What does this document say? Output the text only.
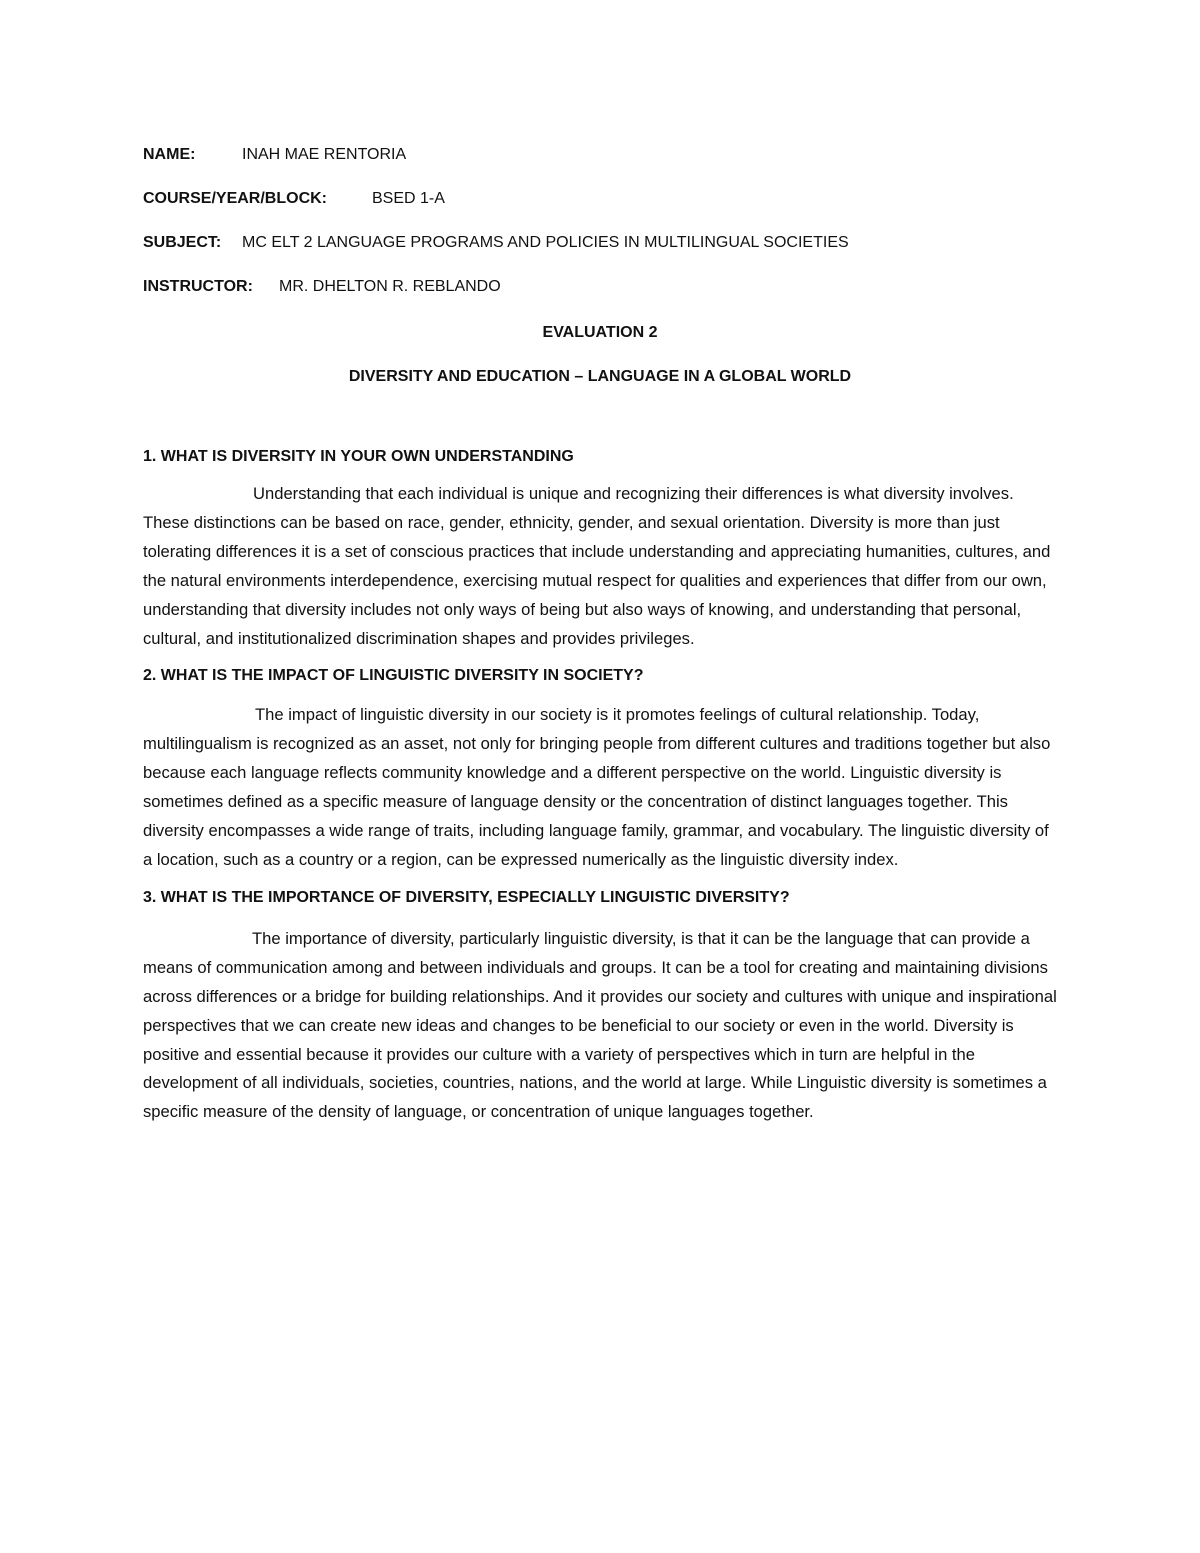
NAME:	INAH MAE RENTORIA
COURSE/YEAR/BLOCK:	BSED 1-A
SUBJECT: MC ELT 2 LANGUAGE PROGRAMS AND POLICIES IN MULTILINGUAL SOCIETIES
INSTRUCTOR: MR. DHELTON R. REBLANDO
EVALUATION 2
DIVERSITY AND EDUCATION – LANGUAGE IN A GLOBAL WORLD
1. WHAT IS DIVERSITY IN YOUR OWN UNDERSTANDING
Understanding that each individual is unique and recognizing their differences is what diversity involves. These distinctions can be based on race, gender, ethnicity, gender, and sexual orientation. Diversity is more than just tolerating differences it is a set of conscious practices that include understanding and appreciating humanities, cultures, and the natural environments interdependence, exercising mutual respect for qualities and experiences that differ from our own, understanding that diversity includes not only ways of being but also ways of knowing, and understanding that personal, cultural, and institutionalized discrimination shapes and provides privileges.
2. WHAT IS THE IMPACT OF LINGUISTIC DIVERSITY IN SOCIETY?
The impact of linguistic diversity in our society is it promotes feelings of cultural relationship. Today, multilingualism is recognized as an asset, not only for bringing people from different cultures and traditions together but also because each language reflects community knowledge and a different perspective on the world. Linguistic diversity is sometimes defined as a specific measure of language density or the concentration of distinct languages together. This diversity encompasses a wide range of traits, including language family, grammar, and vocabulary. The linguistic diversity of a location, such as a country or a region, can be expressed numerically as the linguistic diversity index.
3. WHAT IS THE IMPORTANCE OF DIVERSITY, ESPECIALLY LINGUISTIC DIVERSITY?
The importance of diversity, particularly linguistic diversity, is that it can be the language that can provide a means of communication among and between individuals and groups. It can be a tool for creating and maintaining divisions across differences or a bridge for building relationships. And it provides our society and cultures with unique and inspirational perspectives that we can create new ideas and changes to be beneficial to our society or even in the world. Diversity is positive and essential because it provides our culture with a variety of perspectives which in turn are helpful in the development of all individuals, societies, countries, nations, and the world at large. While Linguistic diversity is sometimes a specific measure of the density of language, or concentration of unique languages together.
